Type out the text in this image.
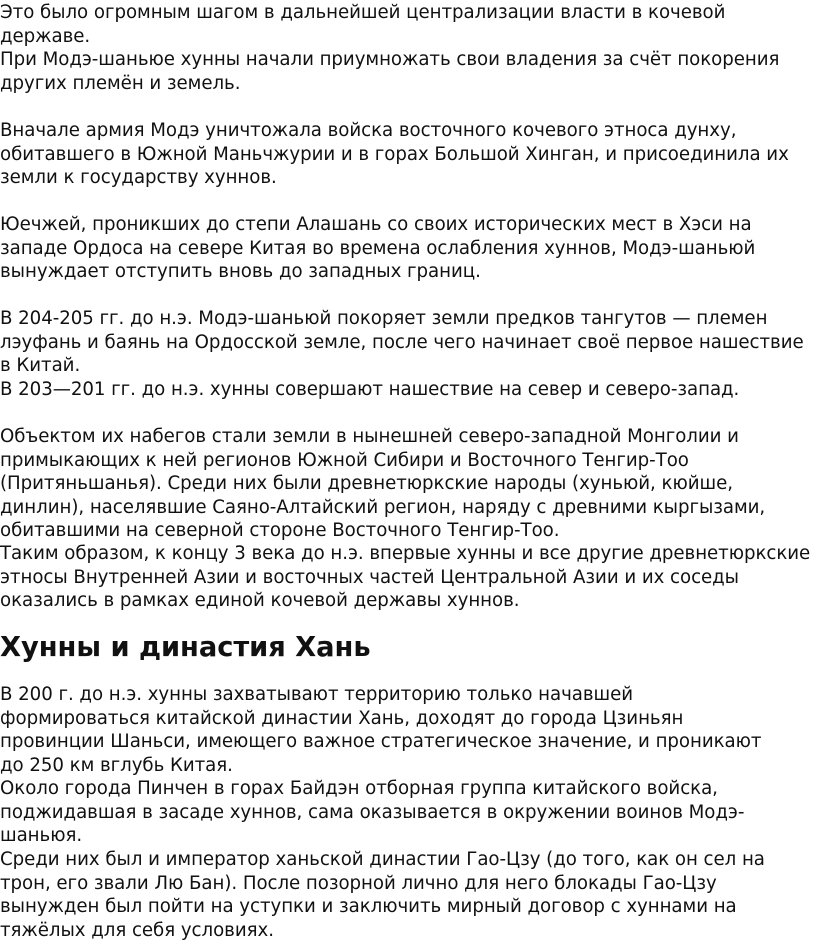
Это было огромным шагом в дальнейшей централизации власти в кочевой державе.

При Модэ-шаньюе хунны начали приумножать свои владения за счёт покорения других племён и земель.

Вначале армия Модэ уничтожала войска восточного кочевого этноса дунху, обитавшего в Южной Маньчжурии и в горах Большой Хинган, и присоединила их земли к государству хуннов.

Юечжей, проникших до степи Алашань со своих исторических мест в Хэси на западе Ордоса на севере Китая во времена ослабления хуннов, Модэ-шаньюй вынуждает отступить вновь до западных границ.

В 204-205 гг. до н.э. Модэ-шаньюй покоряет земли предков тангутов — племен лэуфань и баянь на Ордосской земле, после чего начинает своё первое нашествие в Китай.

В 203—201 гг. до н.э. хунны совершают нашествие на север и северо-запад.

Объектом их набегов стали земли в нынешней северо-западной Монголии и примыкающих к ней регионов Южной Сибири и Восточного Тенгир-Тоо (Притяньшанья). Среди них были древнетюркские народы (хуньюй, кюйше, динлин), населявшие Саяно-Алтайский регион, наряду с древними кыргызами, обитавшими на северной стороне Восточного Тенгир-Тоо.

Таким образом, к концу 3 века до н.э. впервые хунны и все другие древнетюркские этносы Внутренней Азии и восточных частей Центральной Азии и их соседы оказались в рамках единой кочевой державы хуннов.

Хунны и династия Хань

В 200 г. до н.э. хунны захватывают территорию только начавшей формироваться китайской династии Хань, доходят до города Цзиньян провинции Шаньси, имеющего важное стратегическое значение, и проникают до 250 км вглубь Китая.

Около города Пинчен в горах Байдэн отборная группа китайского войска, поджидавшая в засаде хуннов, сама оказывается в окружении воинов Модэ-шаньюя.

Среди них был и император ханьской династии Гао-Цзу (до того, как он сел на трон, его звали Лю Бан). После позорной лично для него блокады Гао-Цзу вынужден был пойти на уступки и заключить мирный договор с хуннами на тяжёлых для себя условиях.
